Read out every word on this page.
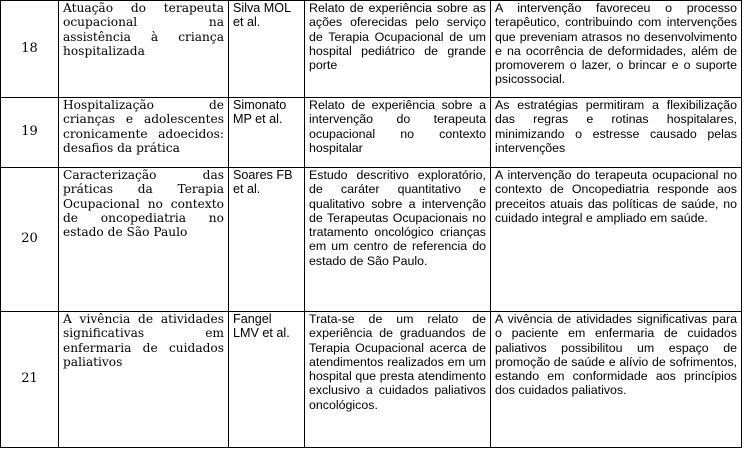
18	Atuação do terapeuta ocupacional na assistência à criança hospitalizada	Silva MOL et al.	Relato de experiência sobre as ações oferecidas pelo serviço de Terapia Ocupacional de um hospital pediátrico de grande porte	A intervenção favoreceu o processo terapêutico, contribuindo com intervenções que preveniam atrasos no desenvolvimento e na ocorrência de deformidades, além de promoverem o lazer, o brincar e o suporte psicossocial.
19	Hospitalização de crianças e adolescentes cronicamente adoecidos: desafios da prática	Simonato MP et al.	Relato de experiência sobre a intervenção do terapeuta ocupacional no contexto hospitalar	As estratégias permitiram a flexibilização das regras e rotinas hospitalares, minimizando o estresse causado pelas intervenções
20	Caracterização das práticas da Terapia Ocupacional no contexto de oncopediatria no estado de São Paulo	Soares FB et al.	Estudo descritivo exploratório, de caráter quantitativo e qualitativo sobre a intervenção de Terapeutas Ocupacionais no tratamento oncológico crianças em um centro de referencia do estado de São Paulo.	A intervenção do terapeuta ocupacional no contexto de Oncopediatria responde aos preceitos atuais das políticas de saúde, no cuidado integral e ampliado em saúde.
21	A vivência de atividades significativas em enfermaria de cuidados paliativos	Fangel LMV et al.	Trata-se de um relato de experiência de graduandos de Terapia Ocupacional acerca de atendimentos realizados em um hospital que presta atendimento exclusivo a cuidados paliativos oncológicos.	A vivência de atividades significativas para o paciente em enfermaria de cuidados paliativos possibilitou um espaço de promoção de saúde e alívio de sofrimentos, estando em conformidade aos princípios dos cuidados paliativos.
